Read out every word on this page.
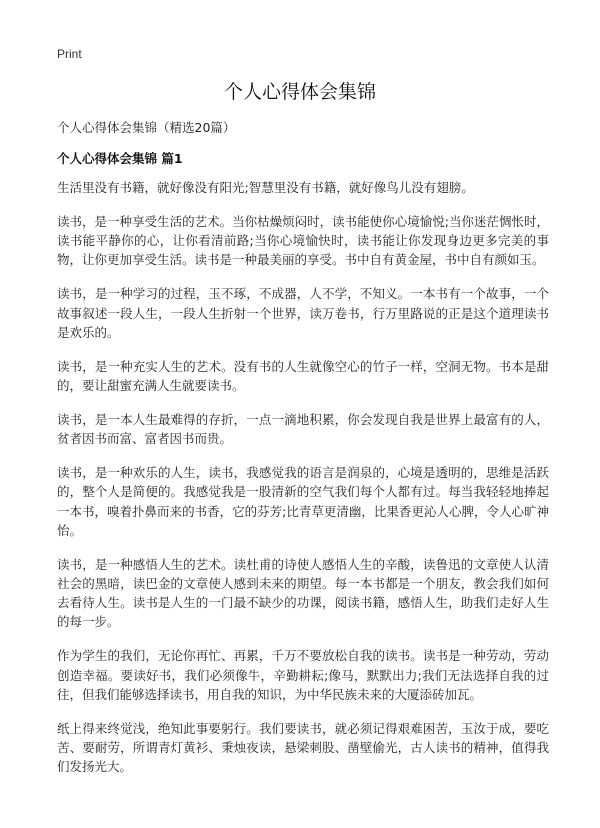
Print
个人心得体会集锦
个人心得体会集锦（精选20篇）
个人心得体会集锦 篇1

生活里没有书籍，就好像没有阳光;智慧里没有书籍，就好像鸟儿没有翅膀。

读书，是一种享受生活的艺术。当你枯燥烦闷时，读书能使你心境愉悦;当你迷茫惆怅时，读书能平静你的心，让你看清前路;当你心境愉快时，读书能让你发现身边更多完美的事物，让你更加享受生活。读书是一种最美丽的享受。书中自有黄金屋，书中自有颜如玉。

读书，是一种学习的过程，玉不琢，不成器，人不学，不知义。一本书有一个故事，一个故事叙述一段人生，一段人生折射一个世界，读万卷书，行万里路说的正是这个道理读书是欢乐的。

读书，是一种充实人生的艺术。没有书的人生就像空心的竹子一样，空洞无物。书本是甜的，要让甜蜜充满人生就要读书。

读书，是一本人生最难得的存折，一点一滴地积累，你会发现自我是世界上最富有的人，贫者因书而富、富者因书而贵。

读书，是一种欢乐的人生，读书，我感觉我的语言是润泉的，心境是透明的，思维是活跃的，整个人是简便的。我感觉我是一股清新的空气我们每个人都有过。每当我轻轻地捧起一本书，嗅着扑鼻而来的书香，它的芬芳;比青草更清幽，比果香更沁人心脾，令人心旷神怡。

读书，是一种感悟人生的艺术。读杜甫的诗使人感悟人生的辛酸，读鲁迅的文章使人认清社会的黑暗，读巴金的文章使人感到未来的期望。每一本书都是一个朋友，教会我们如何去看待人生。读书是人生的一门最不缺少的功课，阅读书籍，感悟人生，助我们走好人生的每一步。

作为学生的我们，无论你再忙、再累，千万不要放松自我的读书。读书是一种劳动，劳动创造幸福。要读好书，我们必须像牛，辛勤耕耘;像马，默默出力;我们无法选择自我的过往，但我们能够选择读书，用自我的知识，为中华民族未来的大厦添砖加瓦。

纸上得来终觉浅，绝知此事要躬行。我们要读书，就必须记得艰难困苦，玉汝于成，要吃苦、要耐劳，所谓青灯黄衫、秉烛夜读，悬梁刺股、凿壁偷光，古人读书的精神，值得我们发扬光大。
